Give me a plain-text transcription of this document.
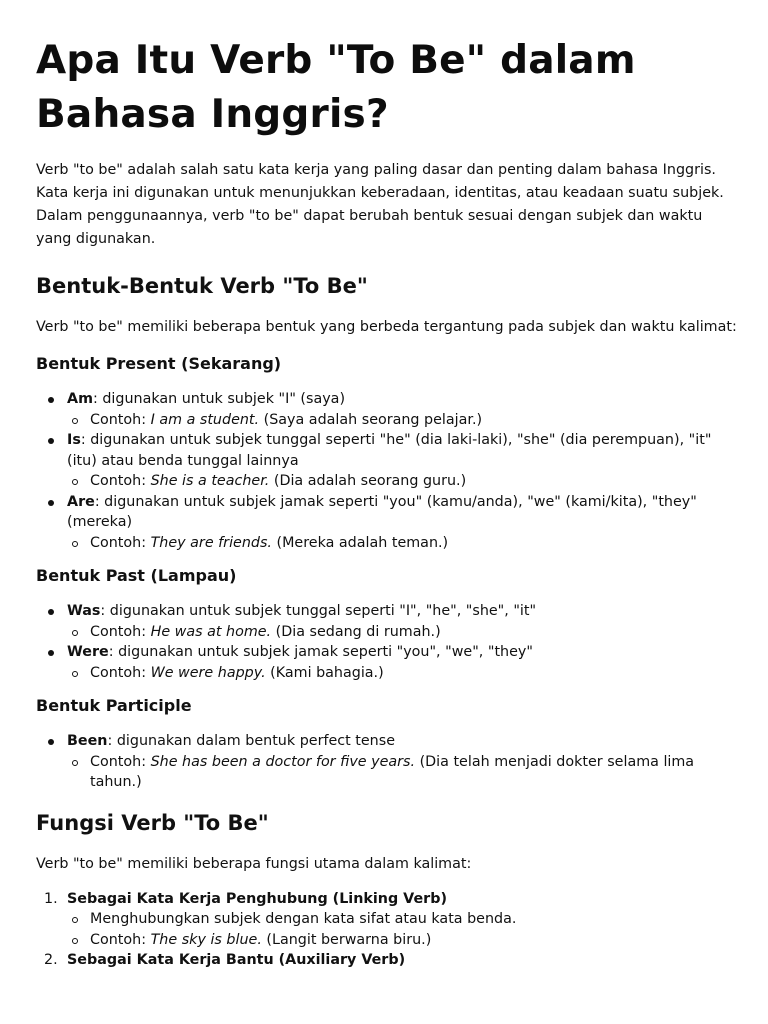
Apa Itu Verb "To Be" dalam Bahasa Inggris?

Verb "to be" adalah salah satu kata kerja yang paling dasar dan penting dalam bahasa Inggris. Kata kerja ini digunakan untuk menunjukkan keberadaan, identitas, atau keadaan suatu subjek. Dalam penggunaannya, verb "to be" dapat berubah bentuk sesuai dengan subjek dan waktu yang digunakan.

Bentuk-Bentuk Verb "To Be"

Verb "to be" memiliki beberapa bentuk yang berbeda tergantung pada subjek dan waktu kalimat:

Bentuk Present (Sekarang)
Am: digunakan untuk subjek "I" (saya)
Contoh: I am a student. (Saya adalah seorang pelajar.)
Is: digunakan untuk subjek tunggal seperti "he" (dia laki-laki), "she" (dia perempuan), "it" (itu) atau benda tunggal lainnya
Contoh: She is a teacher. (Dia adalah seorang guru.)
Are: digunakan untuk subjek jamak seperti "you" (kamu/anda), "we" (kami/kita), "they" (mereka)
Contoh: They are friends. (Mereka adalah teman.)
Bentuk Past (Lampau)
Was: digunakan untuk subjek tunggal seperti "I", "he", "she", "it"
Contoh: He was at home. (Dia sedang di rumah.)
Were: digunakan untuk subjek jamak seperti "you", "we", "they"
Contoh: We were happy. (Kami bahagia.)
Bentuk Participle
Been: digunakan dalam bentuk perfect tense
Contoh: She has been a doctor for five years. (Dia telah menjadi dokter selama lima tahun.)
Fungsi Verb "To Be"

Verb "to be" memiliki beberapa fungsi utama dalam kalimat:

1. Sebagai Kata Kerja Penghubung (Linking Verb)
Menghubungkan subjek dengan kata sifat atau kata benda.
Contoh: The sky is blue. (Langit berwarna biru.)
2. Sebagai Kata Kerja Bantu (Auxiliary Verb)
